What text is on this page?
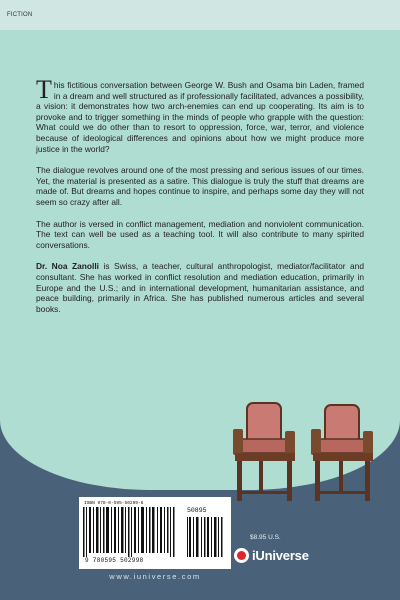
FICTION

This fictitious conversation between George W. Bush and Osama bin Laden, framed in a dream and well structured as if professionally facilitated, advances a possibility, a vision: it demonstrates how two arch-enemies can end up cooperating. Its aim is to provoke and to trigger something in the minds of people who grapple with the question: What could we do other than to resort to oppression, force, war, terror, and violence because of ideological differences and opinions about how we might produce more justice in the world?

The dialogue revolves around one of the most pressing and serious issues of our times. Yet, the material is presented as a satire. This dialogue is truly the stuff that dreams are made of. But dreams and hopes continue to inspire, and perhaps some day they will not seem so crazy after all.

The author is versed in conflict management, mediation and nonviolent communication. The text can well be used as a teaching tool. It will also contribute to many spirited conversations.

Dr. Noa Zanolli is Swiss, a teacher, cultural anthropologist, mediator/facilitator and consultant. She has worked in conflict resolution and mediation education, primarily in Europe and the U.S.; and in international development, humanitarian assistance, and peace building, primarily in Africa. She has published numerous articles and several books.

ISBN 978-0-595-50299-8
50895
9 780595 502998
www.iuniverse.com
$8.95 U.S.
iUniverse
